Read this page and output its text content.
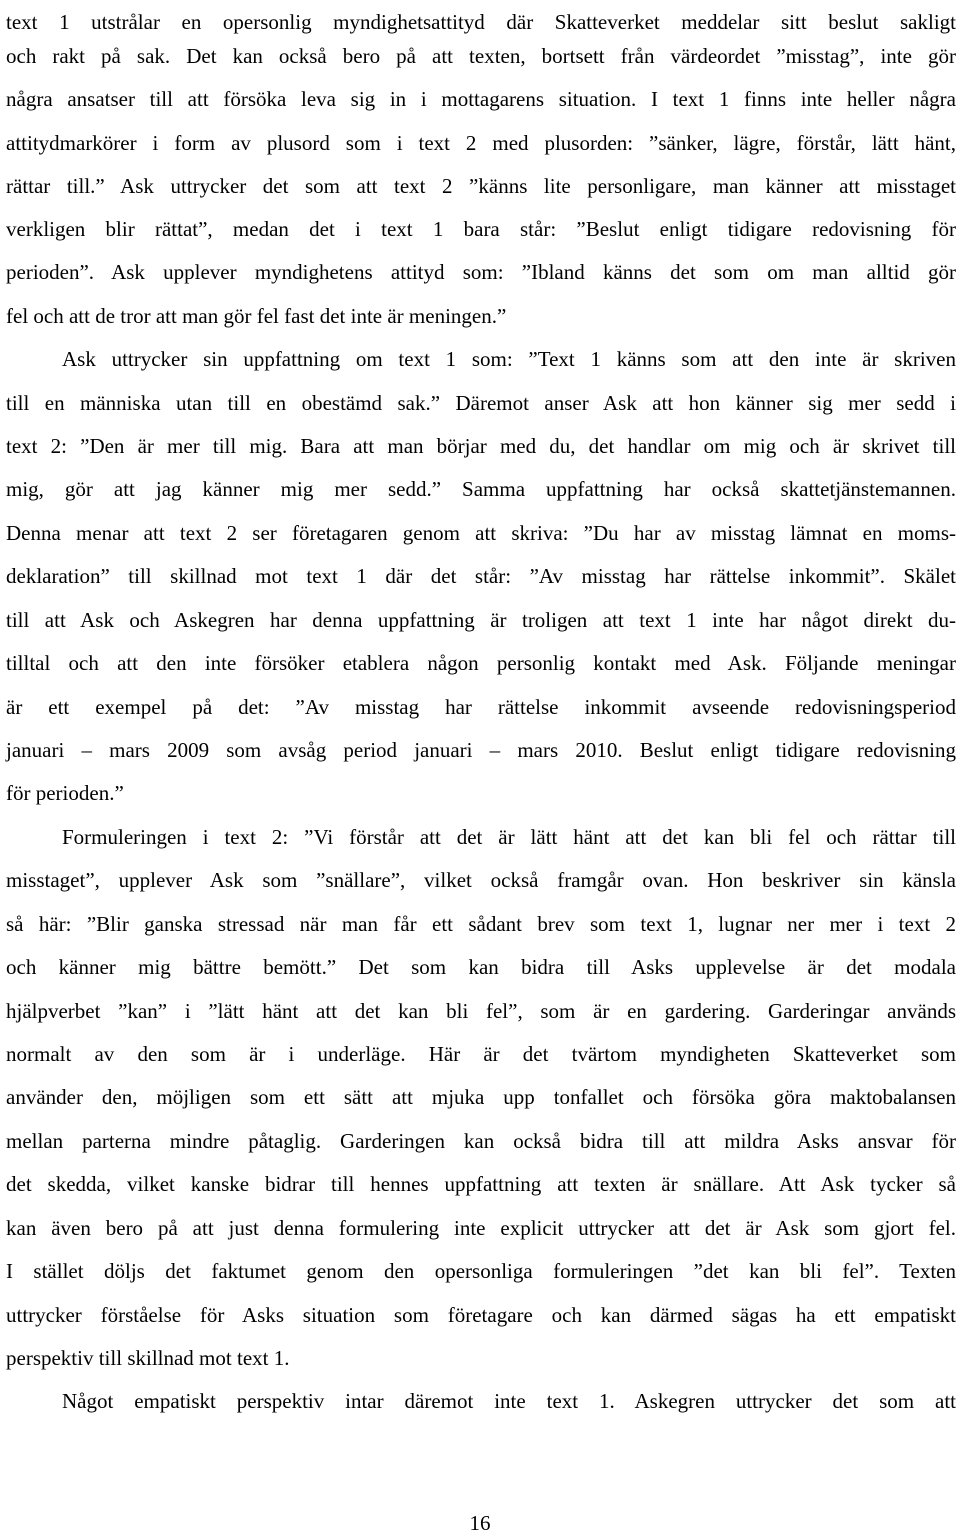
text 1 utstrålar en opersonlig myndighetsattityd där Skatteverket meddelar sitt beslut sakligt
och rakt på sak. Det kan också bero på att texten, bortsett från värdeordet ”misstag”, inte gör
några ansatser till att försöka leva sig in i mottagarens situation. I text 1 finns inte heller några
attitydmarkörer i form av plusord som i text 2 med plusorden: ”sänker, lägre, förstår, lätt hänt,
rättar till.” Ask uttrycker det som att text 2 ”känns lite personligare, man känner att misstaget
verkligen blir rättat”, medan det i text 1 bara står: ”Beslut enligt tidigare redovisning för
perioden”. Ask upplever myndighetens attityd som: ”Ibland känns det som om man alltid gör
fel och att de tror att man gör fel fast det inte är meningen.”
Ask uttrycker sin uppfattning om text 1 som: ”Text 1 känns som att den inte är skriven
till en människa utan till en obestämd sak.” Däremot anser Ask att hon känner sig mer sedd i
text 2: ”Den är mer till mig. Bara att man börjar med du, det handlar om mig och är skrivet till
mig, gör att jag känner mig mer sedd.” Samma uppfattning har också skattetjänstemannen.
Denna menar att text 2 ser företagaren genom att skriva: ”Du har av misstag lämnat en moms-
deklaration” till skillnad mot text 1 där det står: ”Av misstag har rättelse inkommit”. Skälet
till att Ask och Askegren har denna uppfattning är troligen att text 1 inte har något direkt du-
tilltal och att den inte försöker etablera någon personlig kontakt med Ask. Följande meningar
är ett exempel på det: ”Av misstag har rättelse inkommit avseende redovisningsperiod
januari – mars 2009 som avsåg period januari – mars 2010. Beslut enligt tidigare redovisning
för perioden.”
Formuleringen i text 2: ”Vi förstår att det är lätt hänt att det kan bli fel och rättar till
misstaget”, upplever Ask som ”snällare”, vilket också framgår ovan. Hon beskriver sin känsla
så här: ”Blir ganska stressad när man får ett sådant brev som text 1, lugnar ner mer i text 2
och känner mig bättre bemött.” Det som kan bidra till Asks upplevelse är det modala
hjälpverbet ”kan” i ”lätt hänt att det kan bli fel”, som är en gardering. Garderingar används
normalt av den som är i underläge. Här är det tvärtom myndigheten Skatteverket som
använder den, möjligen som ett sätt att mjuka upp tonfallet och försöka göra maktobalansen
mellan parterna mindre påtaglig. Garderingen kan också bidra till att mildra Asks ansvar för
det skedda, vilket kanske bidrar till hennes uppfattning att texten är snällare. Att Ask tycker så
kan även bero på att just denna formulering inte explicit uttrycker att det är Ask som gjort fel.
I stället döljs det faktumet genom den opersonliga formuleringen ”det kan bli fel”. Texten
uttrycker förståelse för Asks situation som företagare och kan därmed sägas ha ett empatiskt
perspektiv till skillnad mot text 1.
Något empatiskt perspektiv intar däremot inte text 1. Askegren uttrycker det som att
16
